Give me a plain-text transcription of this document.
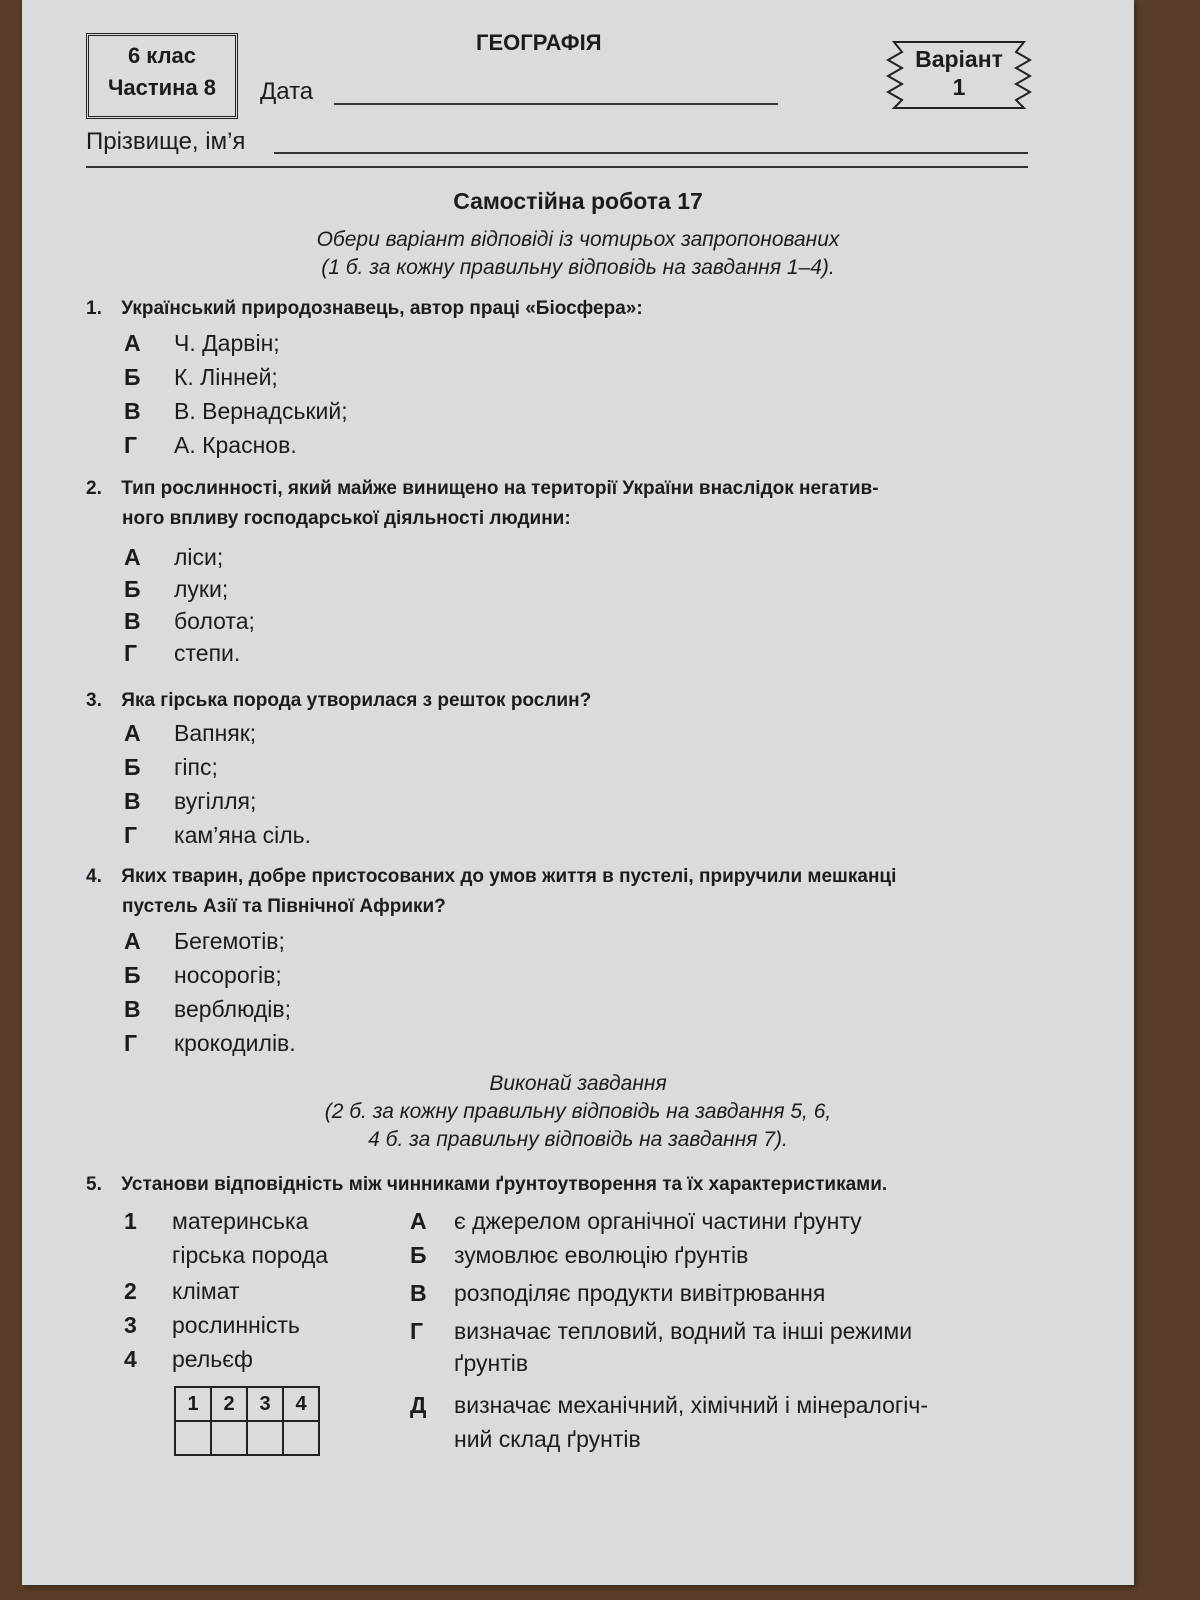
6 клас
Частина 8
ГЕОГРАФІЯ
Дата
Варіант
1
Прізвище, ім’я
Самостійна робота 17
Обери варіант відповіді із чотирьох запропонованих
(1 б. за кожну правильну відповідь на завдання 1–4).
1. Український природознавець, автор праці «Біосфера»:
А Ч. Дарвін;
Б К. Лінней;
В В. Вернадський;
Г А. Краснов.
2. Тип рослинності, який майже винищено на території України внаслідок негатив-
ного впливу господарської діяльності людини:
А ліси;
Б луки;
В болота;
Г степи.
3. Яка гірська порода утворилася з решток рослин?
А Вапняк;
Б гіпс;
В вугілля;
Г кам’яна сіль.
4. Яких тварин, добре пристосованих до умов життя в пустелі, приручили мешканці
пустель Азії та Північної Африки?
А Бегемотів;
Б носорогів;
В верблюдів;
Г крокодилів.
Виконай завдання
(2 б. за кожну правильну відповідь на завдання 5, 6,
4 б. за правильну відповідь на завдання 7).
5. Установи відповідність між чинниками ґрунтоутворення та їх характеристиками.
1 материнська
гірська порода
2 клімат
3 рослинність
4 рельєф
А є джерелом органічної частини ґрунту
Б зумовлює еволюцію ґрунтів
В розподіляє продукти вивітрювання
Г визначає тепловий, водний та інші режими
ґрунтів
Д визначає механічний, хімічний і мінералогіч-
ний склад ґрунтів
1	2	3	4
